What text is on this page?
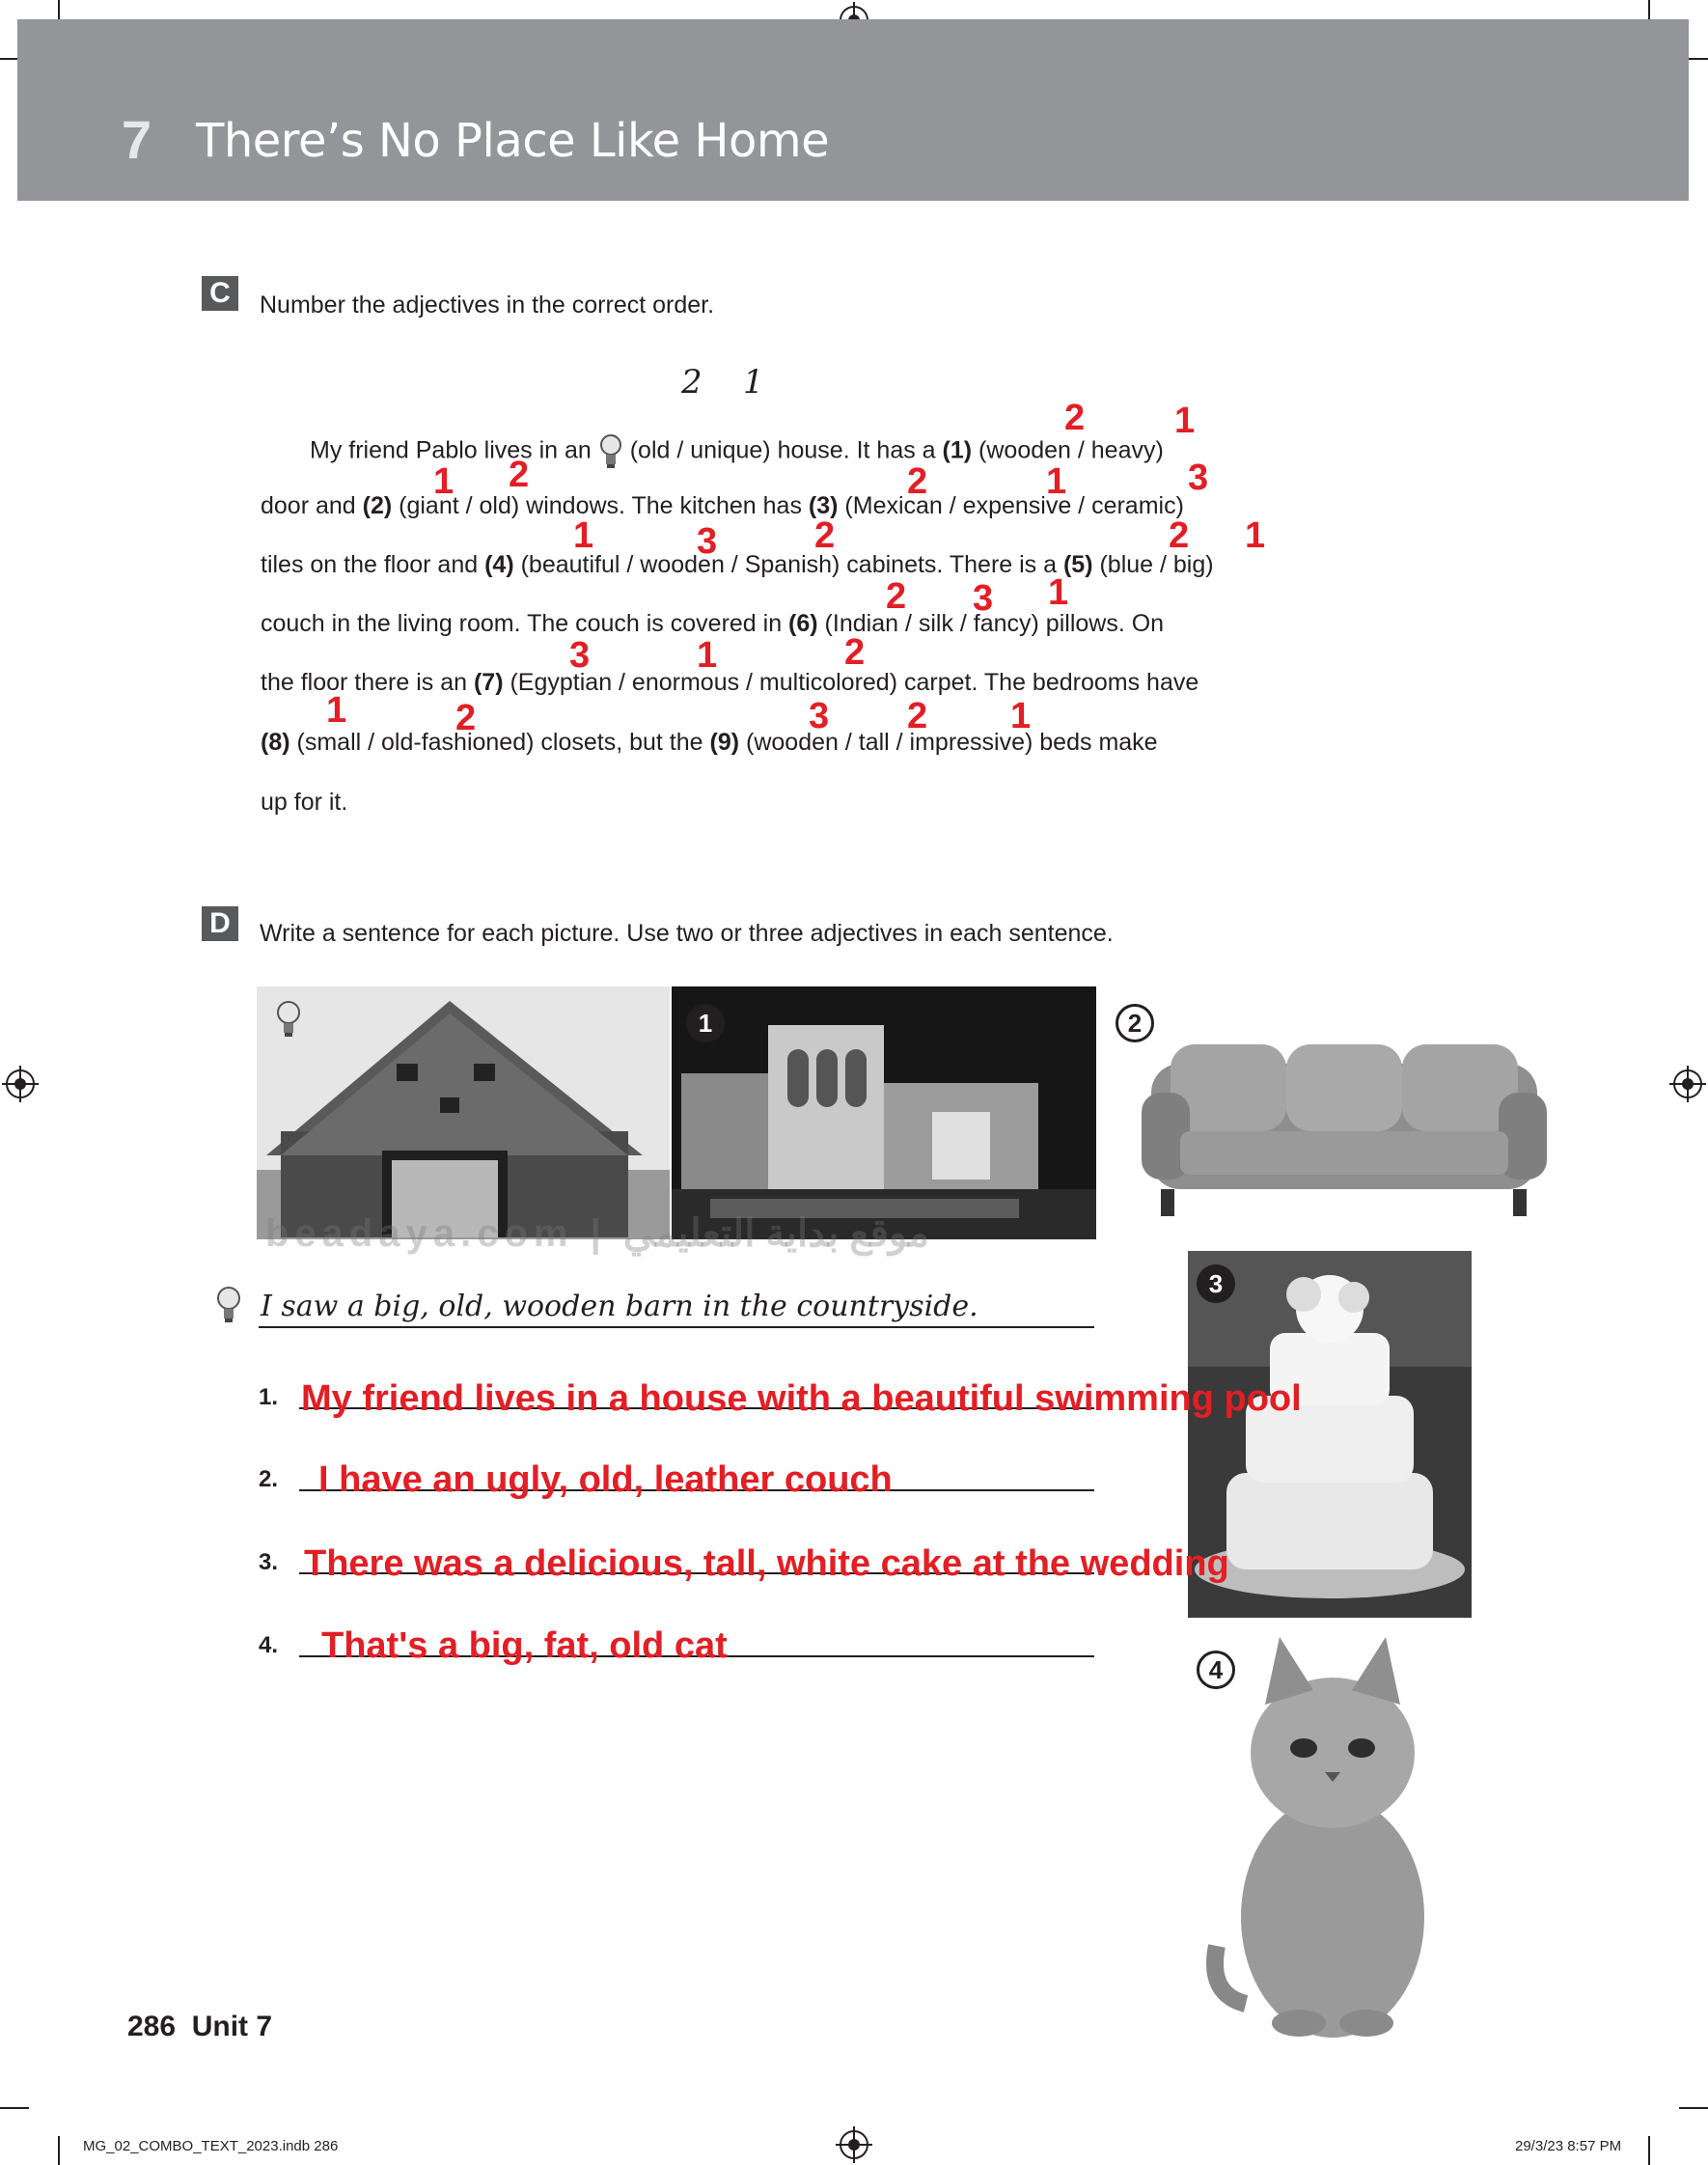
7 There’s No Place Like Home
C	Number the adjectives in the correct order.
2 1
My friend Pablo lives in an  (old / unique) house. It has a (1) (wooden / heavy)
door and (2) (giant / old) windows. The kitchen has (3) (Mexican / expensive / ceramic)
tiles on the floor and (4) (beautiful / wooden / Spanish) cabinets. There is a (5) (blue / big)
couch in the living room. The couch is covered in (6) (Indian / silk / fancy) pillows. On
the floor there is an (7) (Egyptian / enormous / multicolored) carpet. The bedrooms have
(8) (small / old-fashioned) closets, but the (9) (wooden / tall / impressive) beds make
up for it.
2 1
1 2	2	1	3
1	3	2	2 1
2 3 1
3	1	2
1	2	3 2 1
D	Write a sentence for each picture. Use two or three adjectives in each sentence.
1	2
3
4
beadaya.com | موقع بداية التعليمي
I saw a big, old, wooden barn in the countryside.
1. My friend lives in a house with a beautiful swimming pool
2. I have an ugly, old, leather couch
3. There was a delicious, tall, white cake at the wedding
4. That's a big, fat, old cat
286 Unit 7
MG_02_COMBO_TEXT_2023.indb 286	29/3/23 8:57 PM
